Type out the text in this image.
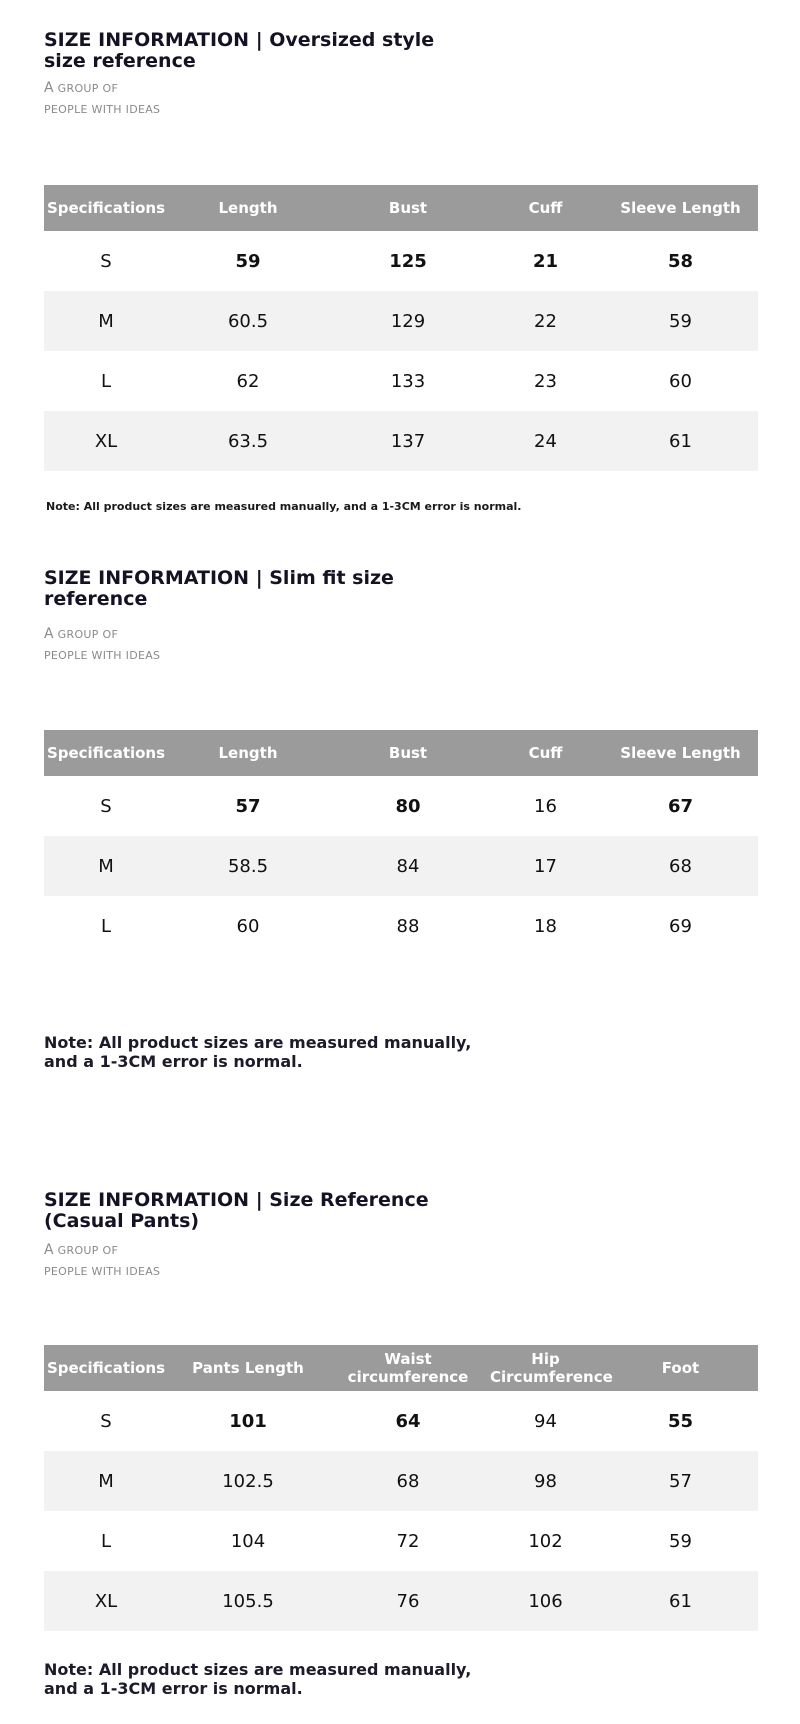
SIZE INFORMATION | Oversized style size reference
A GROUP OF
PEOPLE WITH IDEAS
Specifications	Length	Bust	Cuff	Sleeve Length
S	59	125	21	58
M	60.5	129	22	59
L	62	133	23	60
XL	63.5	137	24	61
Note: All product sizes are measured manually, and a 1-3CM error is normal.
SIZE INFORMATION | Slim fit size reference
A GROUP OF
PEOPLE WITH IDEAS
Specifications	Length	Bust	Cuff	Sleeve Length
S	57	80	16	67
M	58.5	84	17	68
L	60	88	18	69
Note: All product sizes are measured manually, and a 1-3CM error is normal.
SIZE INFORMATION | Size Reference (Casual Pants)
A GROUP OF
PEOPLE WITH IDEAS
Specifications	Pants Length	Waist circumference	Hip Circumference	Foot
S	101	64	94	55
M	102.5	68	98	57
L	104	72	102	59
XL	105.5	76	106	61
Note: All product sizes are measured manually, and a 1-3CM error is normal.
